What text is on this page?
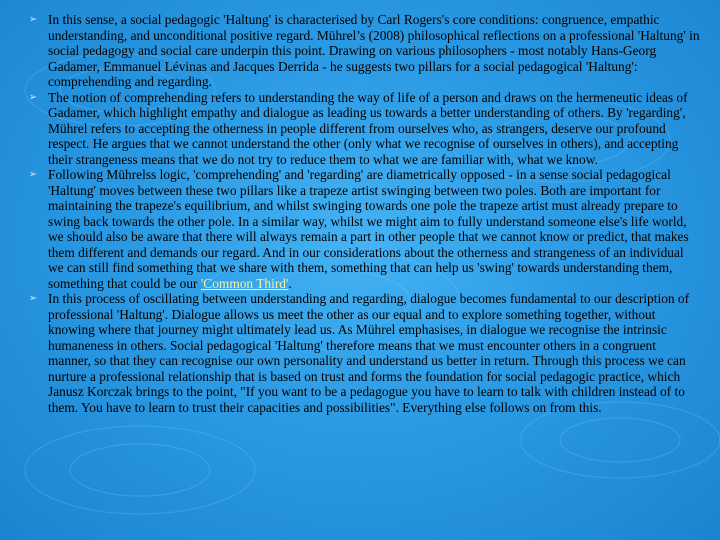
➢ In this sense, a social pedagogic 'Haltung' is characterised by Carl Rogers's core conditions: congruence, empathic understanding, and unconditional positive regard. Mührel’s (2008) philosophical reflections on a professional 'Haltung' in social pedagogy and social care underpin this point. Drawing on various philosophers - most notably Hans-Georg Gadamer, Emmanuel Lévinas and Jacques Derrida - he suggests two pillars for a social pedagogical 'Haltung': comprehending and regarding.
➢ The notion of comprehending refers to understanding the way of life of a person and draws on the hermeneutic ideas of Gadamer, which highlight empathy and dialogue as leading us towards a better understanding of others. By 'regarding', Mührel refers to accepting the otherness in people different from ourselves who, as strangers, deserve our profound respect. He argues that we cannot understand the other (only what we recognise of ourselves in others), and accepting their strangeness means that we do not try to reduce them to what we are familiar with, what we know.
➢ Following Mührelss logic, 'comprehending' and 'regarding' are diametrically opposed - in a sense social pedagogical 'Haltung' moves between these two pillars like a trapeze artist swinging between two poles. Both are important for maintaining the trapeze's equilibrium, and whilst swinging towards one pole the trapeze artist must already prepare to swing back towards the other pole. In a similar way, whilst we might aim to fully understand someone else's life world, we should also be aware that there will always remain a part in other people that we cannot know or predict, that makes them different and demands our regard. And in our considerations about the otherness and strangeness of an individual we can still find something that we share with them, something that can help us 'swing' towards understanding them, something that could be our 'Common Third'.
➢ In this process of oscillating between understanding and regarding, dialogue becomes fundamental to our description of professional 'Haltung'. Dialogue allows us meet the other as our equal and to explore something together, without knowing where that journey might ultimately lead us. As Mührel emphasises, in dialogue we recognise the intrinsic humaneness in others. Social pedagogical 'Haltung' therefore means that we must encounter others in a congruent manner, so that they can recognise our own personality and understand us better in return. Through this process we can nurture a professional relationship that is based on trust and forms the foundation for social pedagogic practice, which Janusz Korczak brings to the point, "If you want to be a pedagogue you have to learn to talk with children instead of to them. You have to learn to trust their capacities and possibilities". Everything else follows on from this.
